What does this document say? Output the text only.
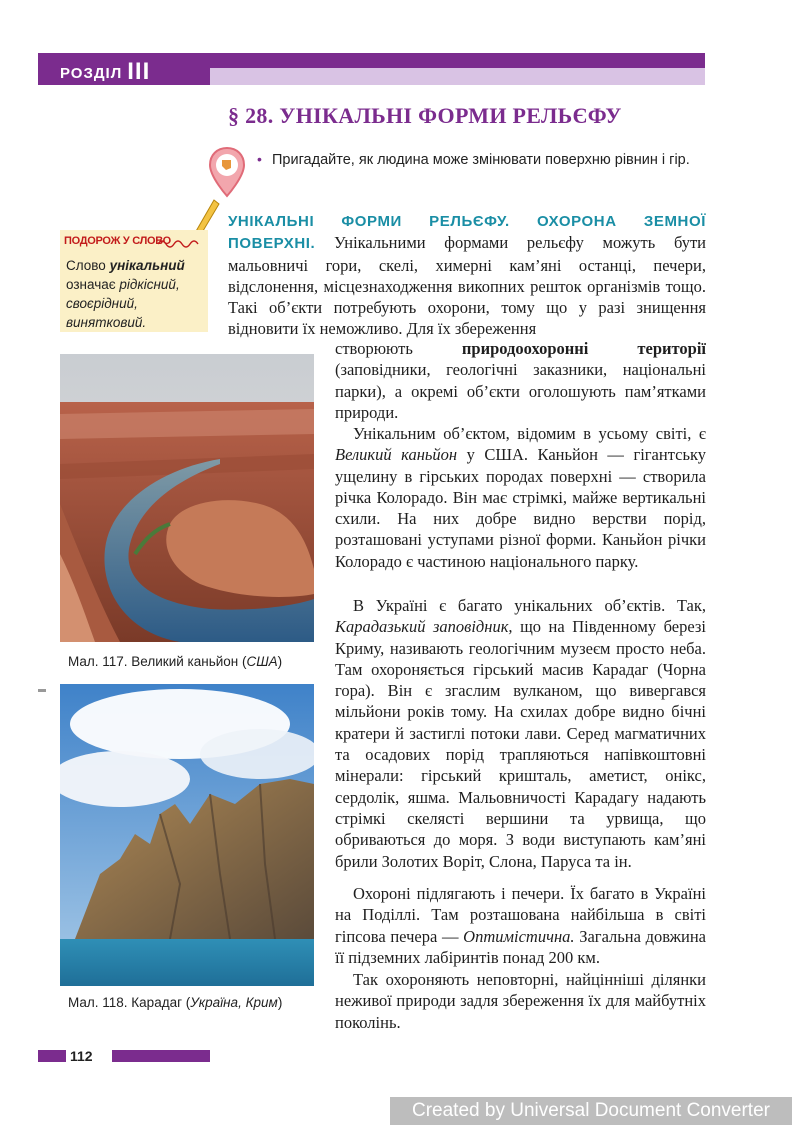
РОЗДІЛ III
§ 28. УНІКАЛЬНІ ФОРМИ РЕЛЬЄФУ
• Пригадайте, як людина може змінювати поверхню рівнин і гір.
ПОДОРОЖ У СЛОВО
Слово унікальний означає рідкісний, своєрідний, винятковий.
УНІКАЛЬНІ ФОРМИ РЕЛЬЄФУ. ОХОРОНА ЗЕМНОЇ ПОВЕРХНІ. Унікальними формами рельєфу можуть бути мальовничі гори, скелі, химерні кам’яні останці, печери, відслонення, місцезнаходження викопних решток організмів тощо. Такі об’єкти потребують охорони, тому що у разі знищення відновити їх неможливо. Для їх збереження
створюють природоохоронні території (заповідники, геологічні заказники, національні парки), а окремі об’єкти оголошують пам’ятками природи.
Унікальним об’єктом, відомим в усьому світі, є Великий каньйон у США. Каньйон — гігантську ущелину в гірських породах поверхні — створила річка Колорадо. Він має стрімкі, майже вертикальні схили. На них добре видно верстви порід, розташовані уступами різної форми. Каньйон річки Колорадо є частиною національного парку.
В Україні є багато унікальних об’єктів. Так, Карадазький заповідник, що на Південному березі Криму, називають геологічним музеєм просто неба. Там охороняється гірський масив Карадаг (Чорна гора). Він є згаслим вулканом, що вивергався мільйони років тому. На схилах добре видно бічні кратери й застиглі потоки лави. Серед магматичних та осадових порід трапляються напівкоштовні мінерали: гірський кришталь, аметист, онікс, сердолік, яшма. Мальовничості Карадагу надають стрімкі скелясті вершини та урвища, що обриваються до моря. З води виступають кам’яні брили Золотих Воріт, Слона, Паруса та ін.
Охороні підлягають і печери. Їх багато в Україні на Поділлі. Там розташована найбільша в світі гіпсова печера — Оптимістична. Загальна довжина її підземних лабіринтів понад 200 км.
Так охороняють неповторні, найцінніші ділянки неживої природи задля збереження їх для майбутніх поколінь.
Мал. 117. Великий каньйон (США)
Мал. 118. Карадаг (Україна, Крим)
112
Created by Universal Document Converter
